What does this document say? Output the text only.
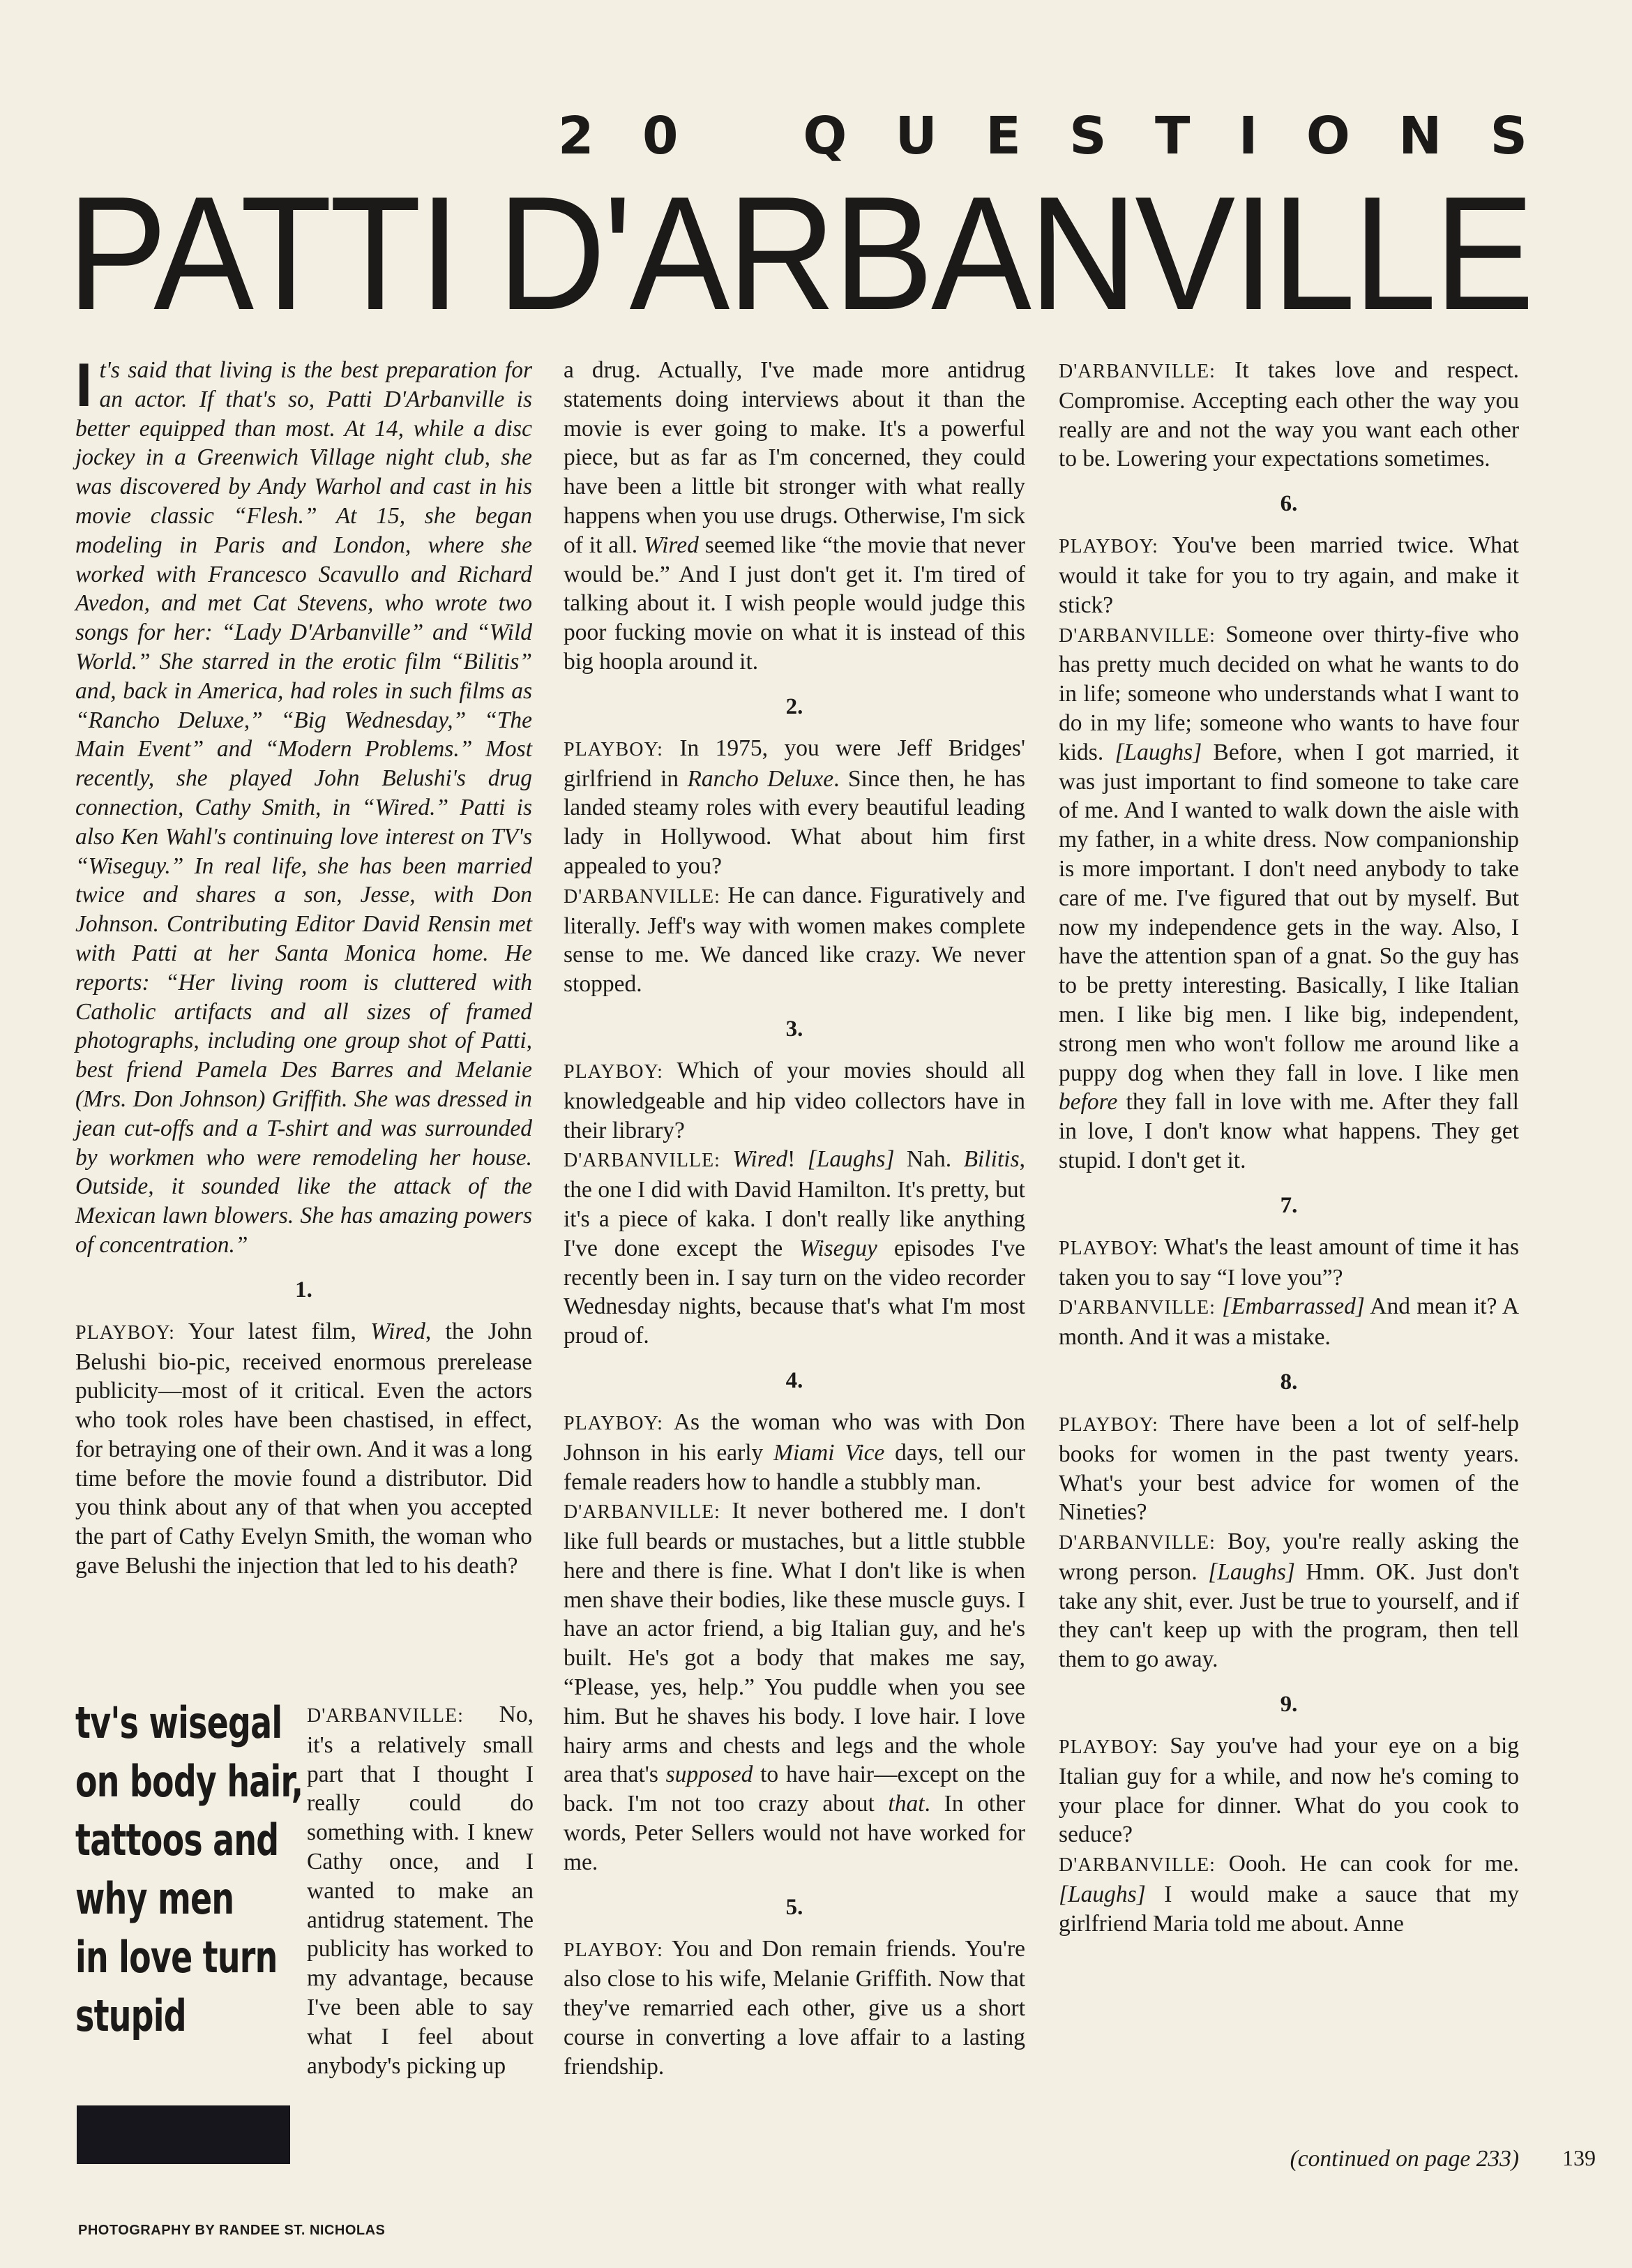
2 0 Q U E S T I O N S
PATTI D'ARBANVILLE

It's said that living is the best preparation for an actor. If that's so, Patti D'Arbanville is better equipped than most. At 14, while a disc jockey in a Greenwich Village night club, she was discovered by Andy Warhol and cast in his movie classic “Flesh.” At 15, she began modeling in Paris and London, where she worked with Francesco Scavullo and Richard Avedon, and met Cat Stevens, who wrote two songs for her: “Lady D'Arbanville” and “Wild World.” She starred in the erotic film “Bilitis” and, back in America, had roles in such films as “Rancho Deluxe,” “Big Wednesday,” “The Main Event” and “Modern Problems.” Most recently, she played John Belushi's drug connection, Cathy Smith, in “Wired.” Patti is also Ken Wahl's continuing love interest on TV's “Wiseguy.” In real life, she has been married twice and shares a son, Jesse, with Don Johnson. Contributing Editor David Rensin met with Patti at her Santa Monica home. He reports: “Her living room is cluttered with Catholic artifacts and all sizes of framed photographs, including one group shot of Patti, best friend Pamela Des Barres and Melanie (Mrs. Don Johnson) Griffith. She was dressed in jean cut-offs and a T-shirt and was surrounded by workmen who were remodeling her house. Outside, it sounded like the attack of the Mexican lawn blowers. She has amazing powers of concentration.”

1.

PLAYBOY: Your latest film, Wired, the John Belushi bio-pic, received enormous prerelease publicity—most of it critical. Even the actors who took roles have been chastised, in effect, for betraying one of their own. And it was a long time before the movie found a distributor. Did you think about any of that when you accepted the part of Cathy Evelyn Smith, the woman who gave Belushi the injection that led to his death?

tv's wisegal
on body hair,
tattoos and
why men
in love turn
stupid

D'ARBANVILLE: No, it's a relatively small part that I thought I really could do something with. I knew Cathy once, and I wanted to make an antidrug statement. The publicity has worked to my advantage, because I've been able to say what I feel about anybody's picking up

a drug. Actually, I've made more antidrug statements doing interviews about it than the movie is ever going to make. It's a powerful piece, but as far as I'm concerned, they could have been a little bit stronger with what really happens when you use drugs. Otherwise, I'm sick of it all. Wired seemed like “the movie that never would be.” And I just don't get it. I'm tired of talking about it. I wish people would judge this poor fucking movie on what it is instead of this big hoopla around it.

2.

PLAYBOY: In 1975, you were Jeff Bridges' girlfriend in Rancho Deluxe. Since then, he has landed steamy roles with every beautiful leading lady in Hollywood. What about him first appealed to you?

D'ARBANVILLE: He can dance. Figuratively and literally. Jeff's way with women makes complete sense to me. We danced like crazy. We never stopped.

3.

PLAYBOY: Which of your movies should all knowledgeable and hip video collectors have in their library?

D'ARBANVILLE: Wired! [Laughs] Nah. Bilitis, the one I did with David Hamilton. It's pretty, but it's a piece of kaka. I don't really like anything I've done except the Wiseguy episodes I've recently been in. I say turn on the video recorder Wednesday nights, because that's what I'm most proud of.

4.

PLAYBOY: As the woman who was with Don Johnson in his early Miami Vice days, tell our female readers how to handle a stubbly man.

D'ARBANVILLE: It never bothered me. I don't like full beards or mustaches, but a little stubble here and there is fine. What I don't like is when men shave their bodies, like these muscle guys. I have an actor friend, a big Italian guy, and he's built. He's got a body that makes me say, “Please, yes, help.” You puddle when you see him. But he shaves his body. I love hair. I love hairy arms and chests and legs and the whole area that's supposed to have hair—except on the back. I'm not too crazy about that. In other words, Peter Sellers would not have worked for me.

5.

PLAYBOY: You and Don remain friends. You're also close to his wife, Melanie Griffith. Now that they've remarried each other, give us a short course in converting a love affair to a lasting friendship.

D'ARBANVILLE: It takes love and respect. Compromise. Accepting each other the way you really are and not the way you want each other to be. Lowering your expectations sometimes.

6.

PLAYBOY: You've been married twice. What would it take for you to try again, and make it stick?

D'ARBANVILLE: Someone over thirty-five who has pretty much decided on what he wants to do in life; someone who understands what I want to do in my life; someone who wants to have four kids. [Laughs] Before, when I got married, it was just important to find someone to take care of me. And I wanted to walk down the aisle with my father, in a white dress. Now companionship is more important. I don't need anybody to take care of me. I've figured that out by myself. But now my independence gets in the way. Also, I have the attention span of a gnat. So the guy has to be pretty interesting. Basically, I like Italian men. I like big men. I like big, independent, strong men who won't follow me around like a puppy dog when they fall in love. I like men before they fall in love with me. After they fall in love, I don't know what happens. They get stupid. I don't get it.

7.

PLAYBOY: What's the least amount of time it has taken you to say “I love you”?

D'ARBANVILLE: [Embarrassed] And mean it? A month. And it was a mistake.

8.

PLAYBOY: There have been a lot of self-help books for women in the past twenty years. What's your best advice for women of the Nineties?

D'ARBANVILLE: Boy, you're really asking the wrong person. [Laughs] Hmm. OK. Just don't take any shit, ever. Just be true to yourself, and if they can't keep up with the program, then tell them to go away.

9.

PLAYBOY: Say you've had your eye on a big Italian guy for a while, and now he's coming to your place for dinner. What do you cook to seduce?

D'ARBANVILLE: Oooh. He can cook for me. [Laughs] I would make a sauce that my girlfriend Maria told me about. Anne

(continued on page 233) 139
PHOTOGRAPHY BY RANDEE ST. NICHOLAS
